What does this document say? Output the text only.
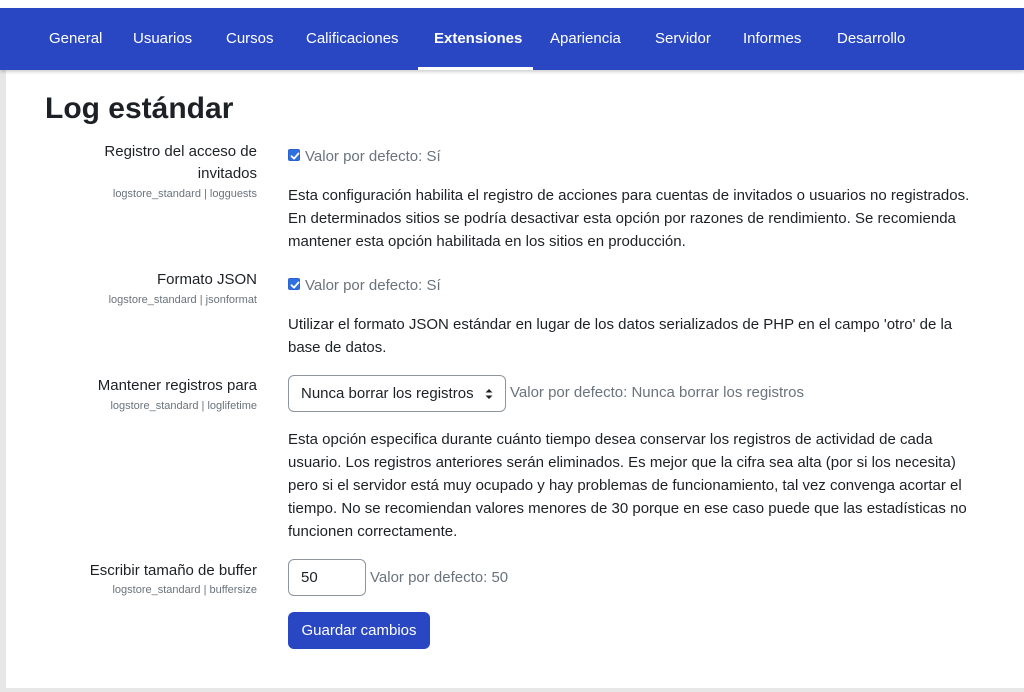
General Usuarios Cursos Calificaciones Extensiones Apariencia Servidor Informes Desarrollo
Log estándar
Registro del acceso de invitados
logstore_standard | logguests
Valor por defecto: Sí
Esta configuración habilita el registro de acciones para cuentas de invitados o usuarios no registrados. En determinados sitios se podría desactivar esta opción por razones de rendimiento. Se recomienda mantener esta opción habilitada en los sitios en producción.
Formato JSON
logstore_standard | jsonformat
Valor por defecto: Sí
Utilizar el formato JSON estándar en lugar de los datos serializados de PHP en el campo 'otro' de la base de datos.
Mantener registros para
logstore_standard | loglifetime
Nunca borrar los registros	Valor por defecto: Nunca borrar los registros
Esta opción especifica durante cuánto tiempo desea conservar los registros de actividad de cada usuario. Los registros anteriores serán eliminados. Es mejor que la cifra sea alta (por si los necesita) pero si el servidor está muy ocupado y hay problemas de funcionamiento, tal vez convenga acortar el tiempo. No se recomiendan valores menores de 30 porque en ese caso puede que las estadísticas no funcionen correctamente.
Escribir tamaño de buffer
logstore_standard | buffersize
50
Valor por defecto: 50
Guardar cambios
